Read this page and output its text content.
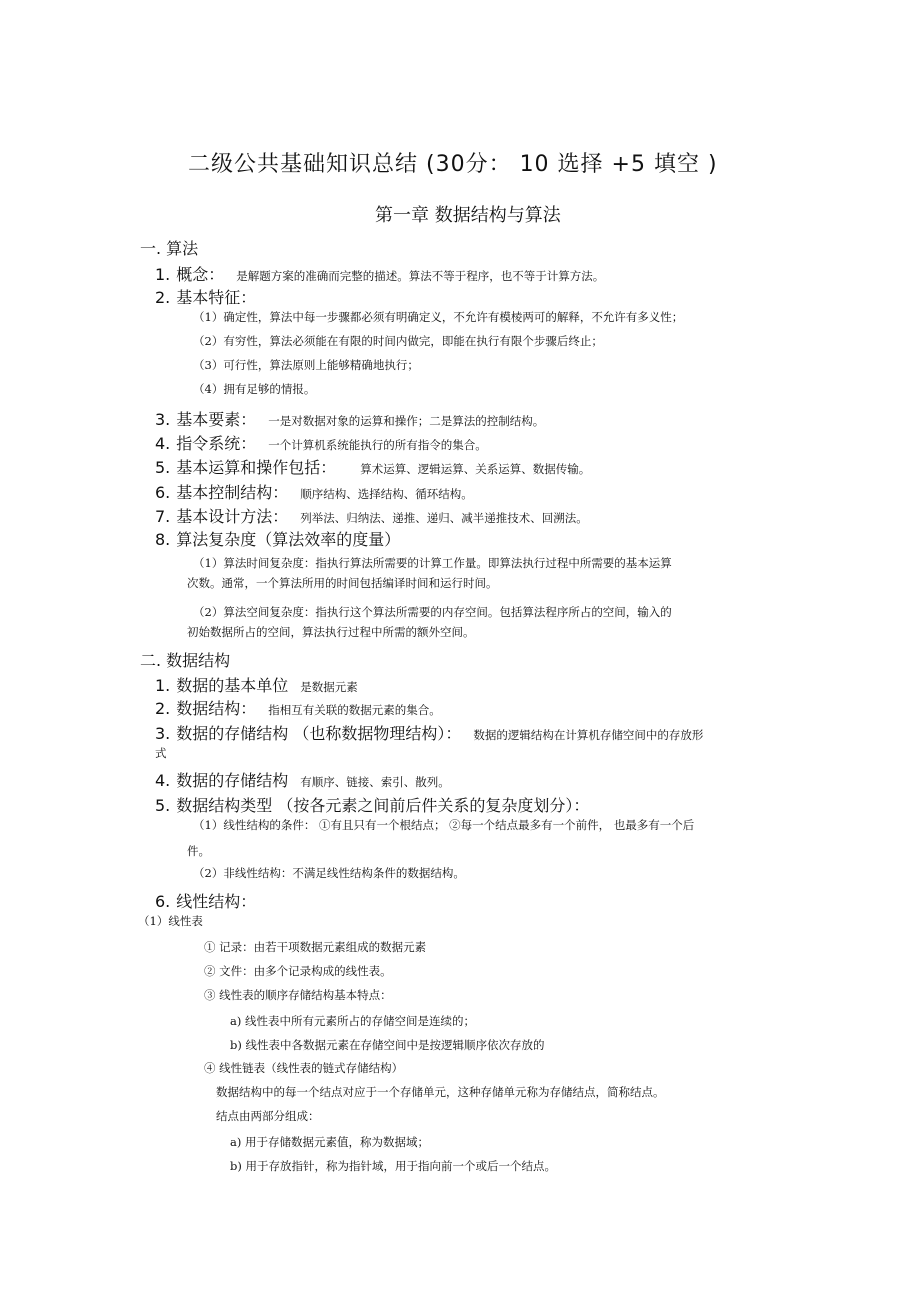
二级公共基础知识总结 (30分： 10 选择 +5 填空 )
第一章 数据结构与算法
一. 算法
1. 概念： 是解题方案的准确而完整的描述。算法不等于程序，也不等于计算方法。
2. 基本特征：
（1）确定性，算法中每一步骤都必须有明确定义，不允许有模棱两可的解释，不允许有多义性；
（2）有穷性，算法必须能在有限的时间内做完，即能在执行有限个步骤后终止；
（3）可行性，算法原则上能够精确地执行；
（4）拥有足够的情报。
3. 基本要素： 一是对数据对象的运算和操作；二是算法的控制结构。
4. 指令系统： 一个计算机系统能执行的所有指令的集合。
5. 基本运算和操作包括： 算术运算、逻辑运算、关系运算、数据传输。
6. 基本控制结构： 顺序结构、选择结构、循环结构。
7. 基本设计方法： 列举法、归纳法、递推、递归、减半递推技术、回溯法。
8. 算法复杂度（算法效率的度量）
（1）算法时间复杂度：指执行算法所需要的计算工作量。即算法执行过程中所需要的基本运算
次数。通常，一个算法所用的时间包括编译时间和运行时间。
（2）算法空间复杂度：指执行这个算法所需要的内存空间。包括算法程序所占的空间，输入的
初始数据所占的空间，算法执行过程中所需的额外空间。
二. 数据结构
1. 数据的基本单位 是数据元素
2. 数据结构： 指相互有关联的数据元素的集合。
3. 数据的存储结构 （也称数据物理结构）： 数据的逻辑结构在计算机存储空间中的存放形
式
4. 数据的存储结构 有顺序、链接、索引、散列。
5. 数据结构类型 （按各元素之间前后件关系的复杂度划分）：
（1）线性结构的条件： ①有且只有一个根结点； ②每一个结点最多有一个前件， 也最多有一个后
件。
（2）非线性结构：不满足线性结构条件的数据结构。
6. 线性结构：
（1）线性表
① 记录：由若干项数据元素组成的数据元素
② 文件：由多个记录构成的线性表。
③ 线性表的顺序存储结构基本特点：
a) 线性表中所有元素所占的存储空间是连续的；
b) 线性表中各数据元素在存储空间中是按逻辑顺序依次存放的
④ 线性链表（线性表的链式存储结构）
数据结构中的每一个结点对应于一个存储单元，这种存储单元称为存储结点，简称结点。
结点由两部分组成：
a) 用于存储数据元素值，称为数据域；
b) 用于存放指针，称为指针域，用于指向前一个或后一个结点。
